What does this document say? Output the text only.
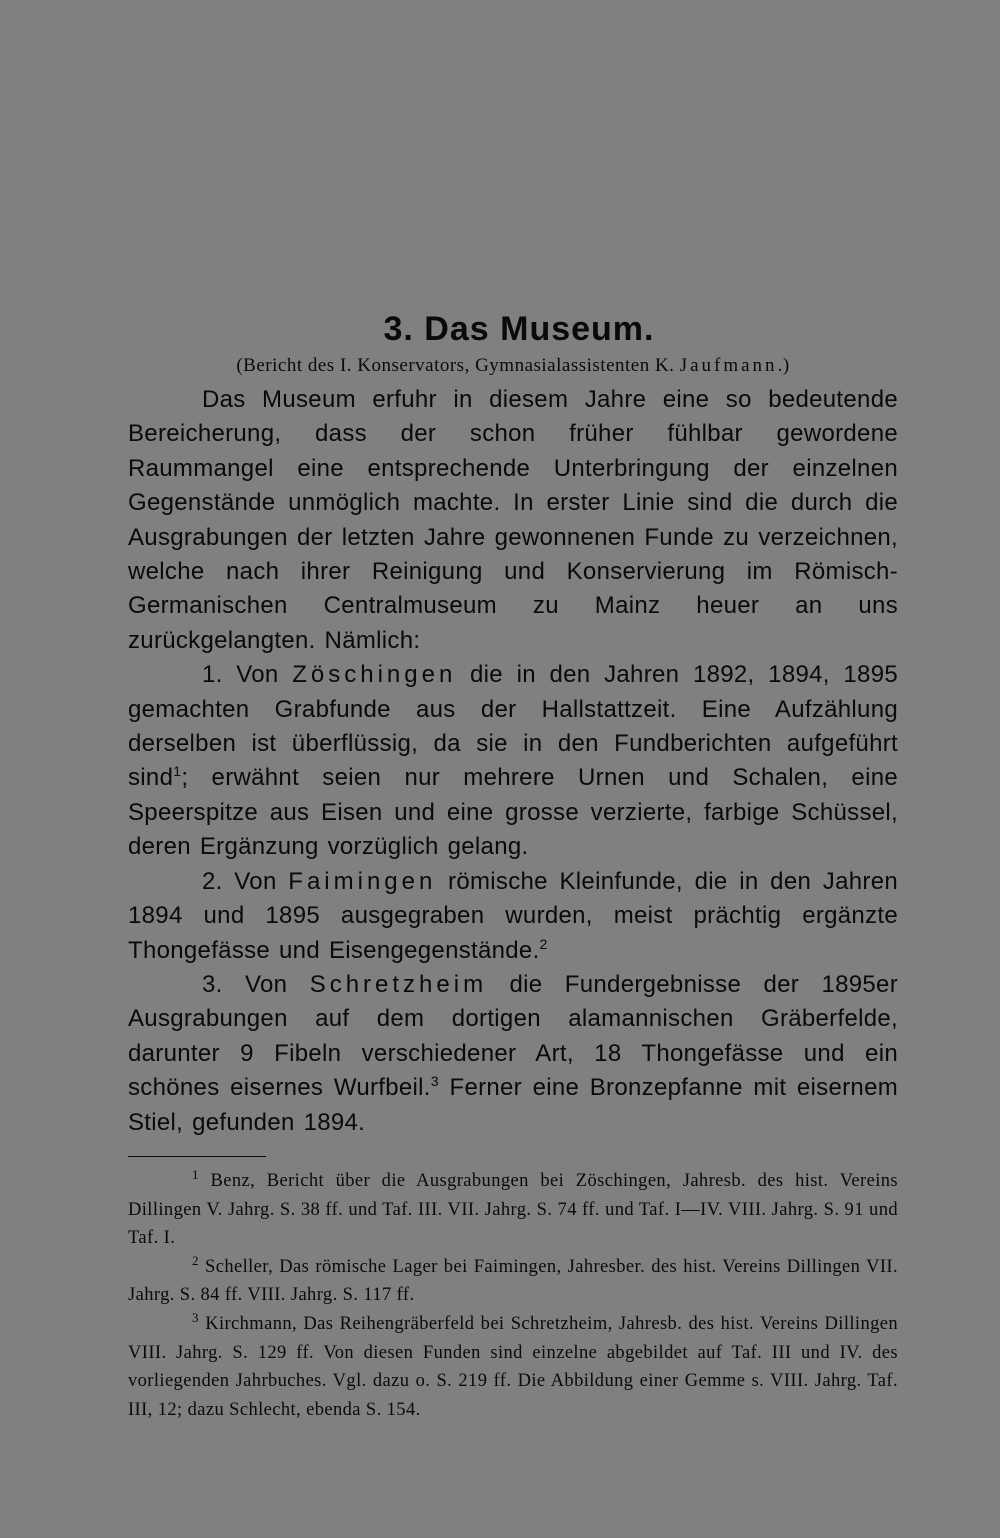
3. Das Museum.
(Bericht des I. Konservators, Gymnasialassistenten K. Jaufmann.)

Das Museum erfuhr in diesem Jahre eine so bedeutende Bereicherung, dass der schon früher fühlbar gewordene Raummangel eine entsprechende Unterbringung der einzelnen Gegenstände unmöglich machte. In erster Linie sind die durch die Ausgrabungen der letzten Jahre gewonnenen Funde zu verzeichnen, welche nach ihrer Reinigung und Konservierung im Römisch-Germanischen Centralmuseum zu Mainz heuer an uns zurückgelangten. Nämlich:

1. Von Zöschingen die in den Jahren 1892, 1894, 1895 gemachten Grabfunde aus der Hallstattzeit. Eine Aufzählung derselben ist überflüssig, da sie in den Fundberichten aufgeführt sind$^1$; erwähnt seien nur mehrere Urnen und Schalen, eine Speerspitze aus Eisen und eine grosse verzierte, farbige Schüssel, deren Ergänzung vorzüglich gelang.

2. Von Faimingen römische Kleinfunde, die in den Jahren 1894 und 1895 ausgegraben wurden, meist prächtig ergänzte Thongefässe und Eisengegenstände.$^2$

3. Von Schretzheim die Fundergebnisse der 1895er Ausgrabungen auf dem dortigen alamannischen Gräberfelde, darunter 9 Fibeln verschiedener Art, 18 Thongefässe und ein schönes eisernes Wurfbeil.$^3$ Ferner eine Bronzepfanne mit eisernem Stiel, gefunden 1894.

$^1$ Benz, Bericht über die Ausgrabungen bei Zöschingen, Jahresb. des hist. Vereins Dillingen V. Jahrg. S. 38 ff. und Taf. III. VII. Jahrg. S. 74 ff. und Taf. I—IV. VIII. Jahrg. S. 91 und Taf. I.

$^2$ Scheller, Das römische Lager bei Faimingen, Jahresber. des hist. Vereins Dillingen VII. Jahrg. S. 84 ff. VIII. Jahrg. S. 117 ff.

$^3$ Kirchmann, Das Reihengräberfeld bei Schretzheim, Jahresb. des hist. Vereins Dillingen VIII. Jahrg. S. 129 ff. Von diesen Funden sind einzelne abgebildet auf Taf. III und IV. des vorliegenden Jahrbuches. Vgl. dazu o. S. 219 ff. Die Abbildung einer Gemme s. VIII. Jahrg. Taf. III, 12; dazu Schlecht, ebenda S. 154.
